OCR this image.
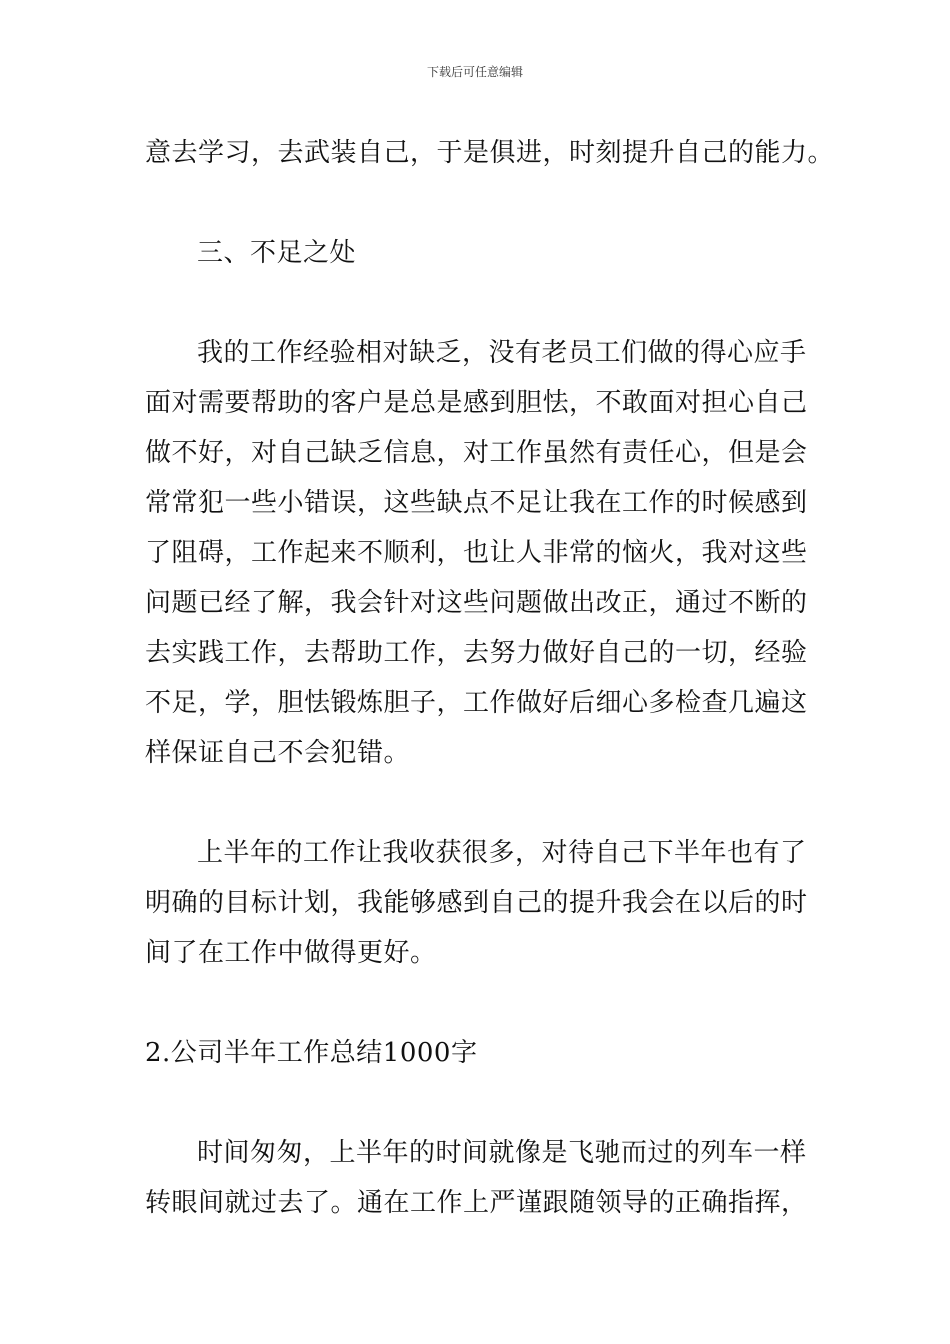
下载后可任意编辑
意去学习，去武装自己，于是俱进，时刻提升自己的能力。
三、不足之处
我的工作经验相对缺乏，没有老员工们做的得心应手
面对需要帮助的客户是总是感到胆怯，不敢面对担心自己
做不好，对自己缺乏信息，对工作虽然有责任心，但是会
常常犯一些小错误，这些缺点不足让我在工作的时候感到
了阻碍，工作起来不顺利，也让人非常的恼火，我对这些
问题已经了解，我会针对这些问题做出改正，通过不断的
去实践工作，去帮助工作，去努力做好自己的一切，经验
不足，学，胆怯锻炼胆子，工作做好后细心多检查几遍这
样保证自己不会犯错。
上半年的工作让我收获很多，对待自己下半年也有了
明确的目标计划，我能够感到自己的提升我会在以后的时
间了在工作中做得更好。
2.公司半年工作总结1000字
时间匆匆，上半年的时间就像是飞驰而过的列车一样
转眼间就过去了。通在工作上严谨跟随领导的正确指挥，
